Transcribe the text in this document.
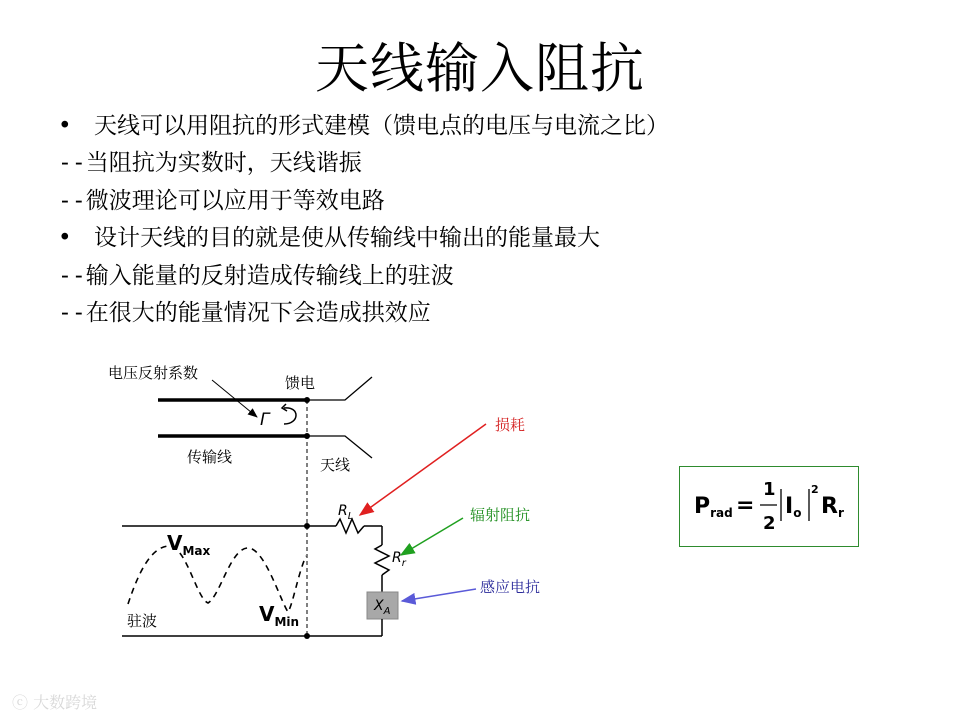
天线输入阻抗
• 天线可以用阻抗的形式建模（馈电点的电压与电流之比）
--当阻抗为实数时，天线谐振
--微波理论可以应用于等效电路
• 设计天线的目的就是使从传输线中输出的能量最大
--输入能量的反射造成传输线上的驻波
--在很大的能量情况下会造成拱效应
电压反射系数
馈电
传输线	天线
损耗
辐射阻抗
感应电抗
驻波
Γ
$R_L$
$R_r$
$X_A$
$V_{Max}$
$V_{Min}$
Prad =
1
2
Io
2
Rr
ⓒ 大数跨境
